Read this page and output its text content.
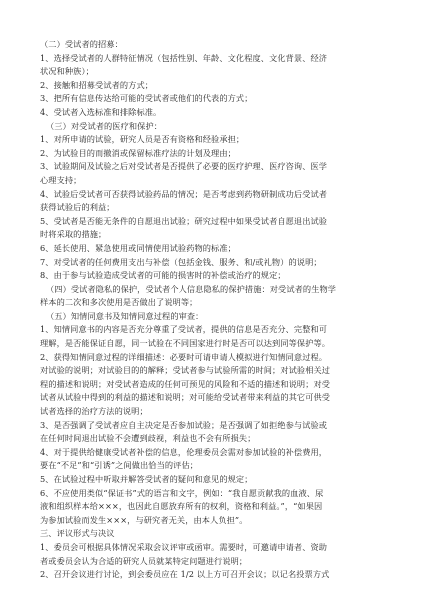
（二）受试者的招募：
1、选择受试者的人群特征情况（包括性别、年龄、文化程度、文化背景、经济
状况和种族）；
2、接触和招募受试者的方式；
3、把所有信息传达给可能的受试者或他们的代表的方式；
4、受试者入选标准和排除标准。
（三）对受试者的医疗和保护：
1、对所申请的试验，研究人员是否有资格和经验承担；
2、为试验目的而撤消或保留标准疗法的计划及理由；
3、试验期间及试验之后对受试者是否提供了必要的医疗护理、医疗咨询、医学
心理支持；
4、试验后受试者可否获得试验药品的情况；是否考虑到药物研制成功后受试者
获得试验后的利益；
5、受试者是否能无条件的自愿退出试验；研究过程中如果受试者自愿退出试验
时将采取的措施；
6、延长使用、紧急使用或同情使用试验药物的标准；
7、对受试者的任何费用支出与补偿（包括金钱、服务、和/或礼物）的说明；
8、由于参与试验造成受试者的可能的损害时的补偿或治疗的规定；
（四）受试者隐私的保护，受试者个人信息隐私的保护措施：对受试者的生物学
样本的二次和多次使用是否做出了说明等；
（五）知情同意书及知情同意过程的审查：
1、知情同意书的内容是否充分尊重了受试者，提供的信息是否充分、完整和可
理解，是否能保证自愿，同一试验在不同国家进行时是否可以达到同等保护等。
2、获得知情同意过程的详细描述：必要时可请申请人模拟进行知情同意过程。
对试验的说明；对试验目的的解释；受试者参与试验所需的时间；对试验相关过
程的描述和说明；对受试者造成的任何可预见的风险和不适的描述和说明；对受
试者从试验中得到的利益的描述和说明；对可能给受试者带来利益的其它可供受
试者选择的治疗方法的说明；
3、是否强调了受试者应自主决定是否参加试验；是否强调了如拒绝参与试验或
在任何时间退出试验不会遭到歧视，利益也不会有所损失；
4、对于提供给健康受试者补偿的信息，伦理委员会需对参加试验的补偿费用，
要在“不足”和“引诱”之间做出恰当的评估；
5、在试验过程中听取并解答受试者的疑问和意见的规定；
6、不应使用类似“保证书”式的语言和文字，例如：“我自愿贡献我的血液、尿
液和组织样本给×××，也因此自愿放弃所有的权利，资格和利益。”，“如果因
为参加试验而发生×××，与研究者无关，由本人负担”。
三、评议形式与决议
1、委员会可根据具体情况采取会议评审或函审。需要时，可邀请申请者、资助
者或委员会认为合适的研究人员就某特定问题进行说明；
2、召开会议进行讨论，到会委员应在 1/2 以上方可召开会议；以记名投票方式
